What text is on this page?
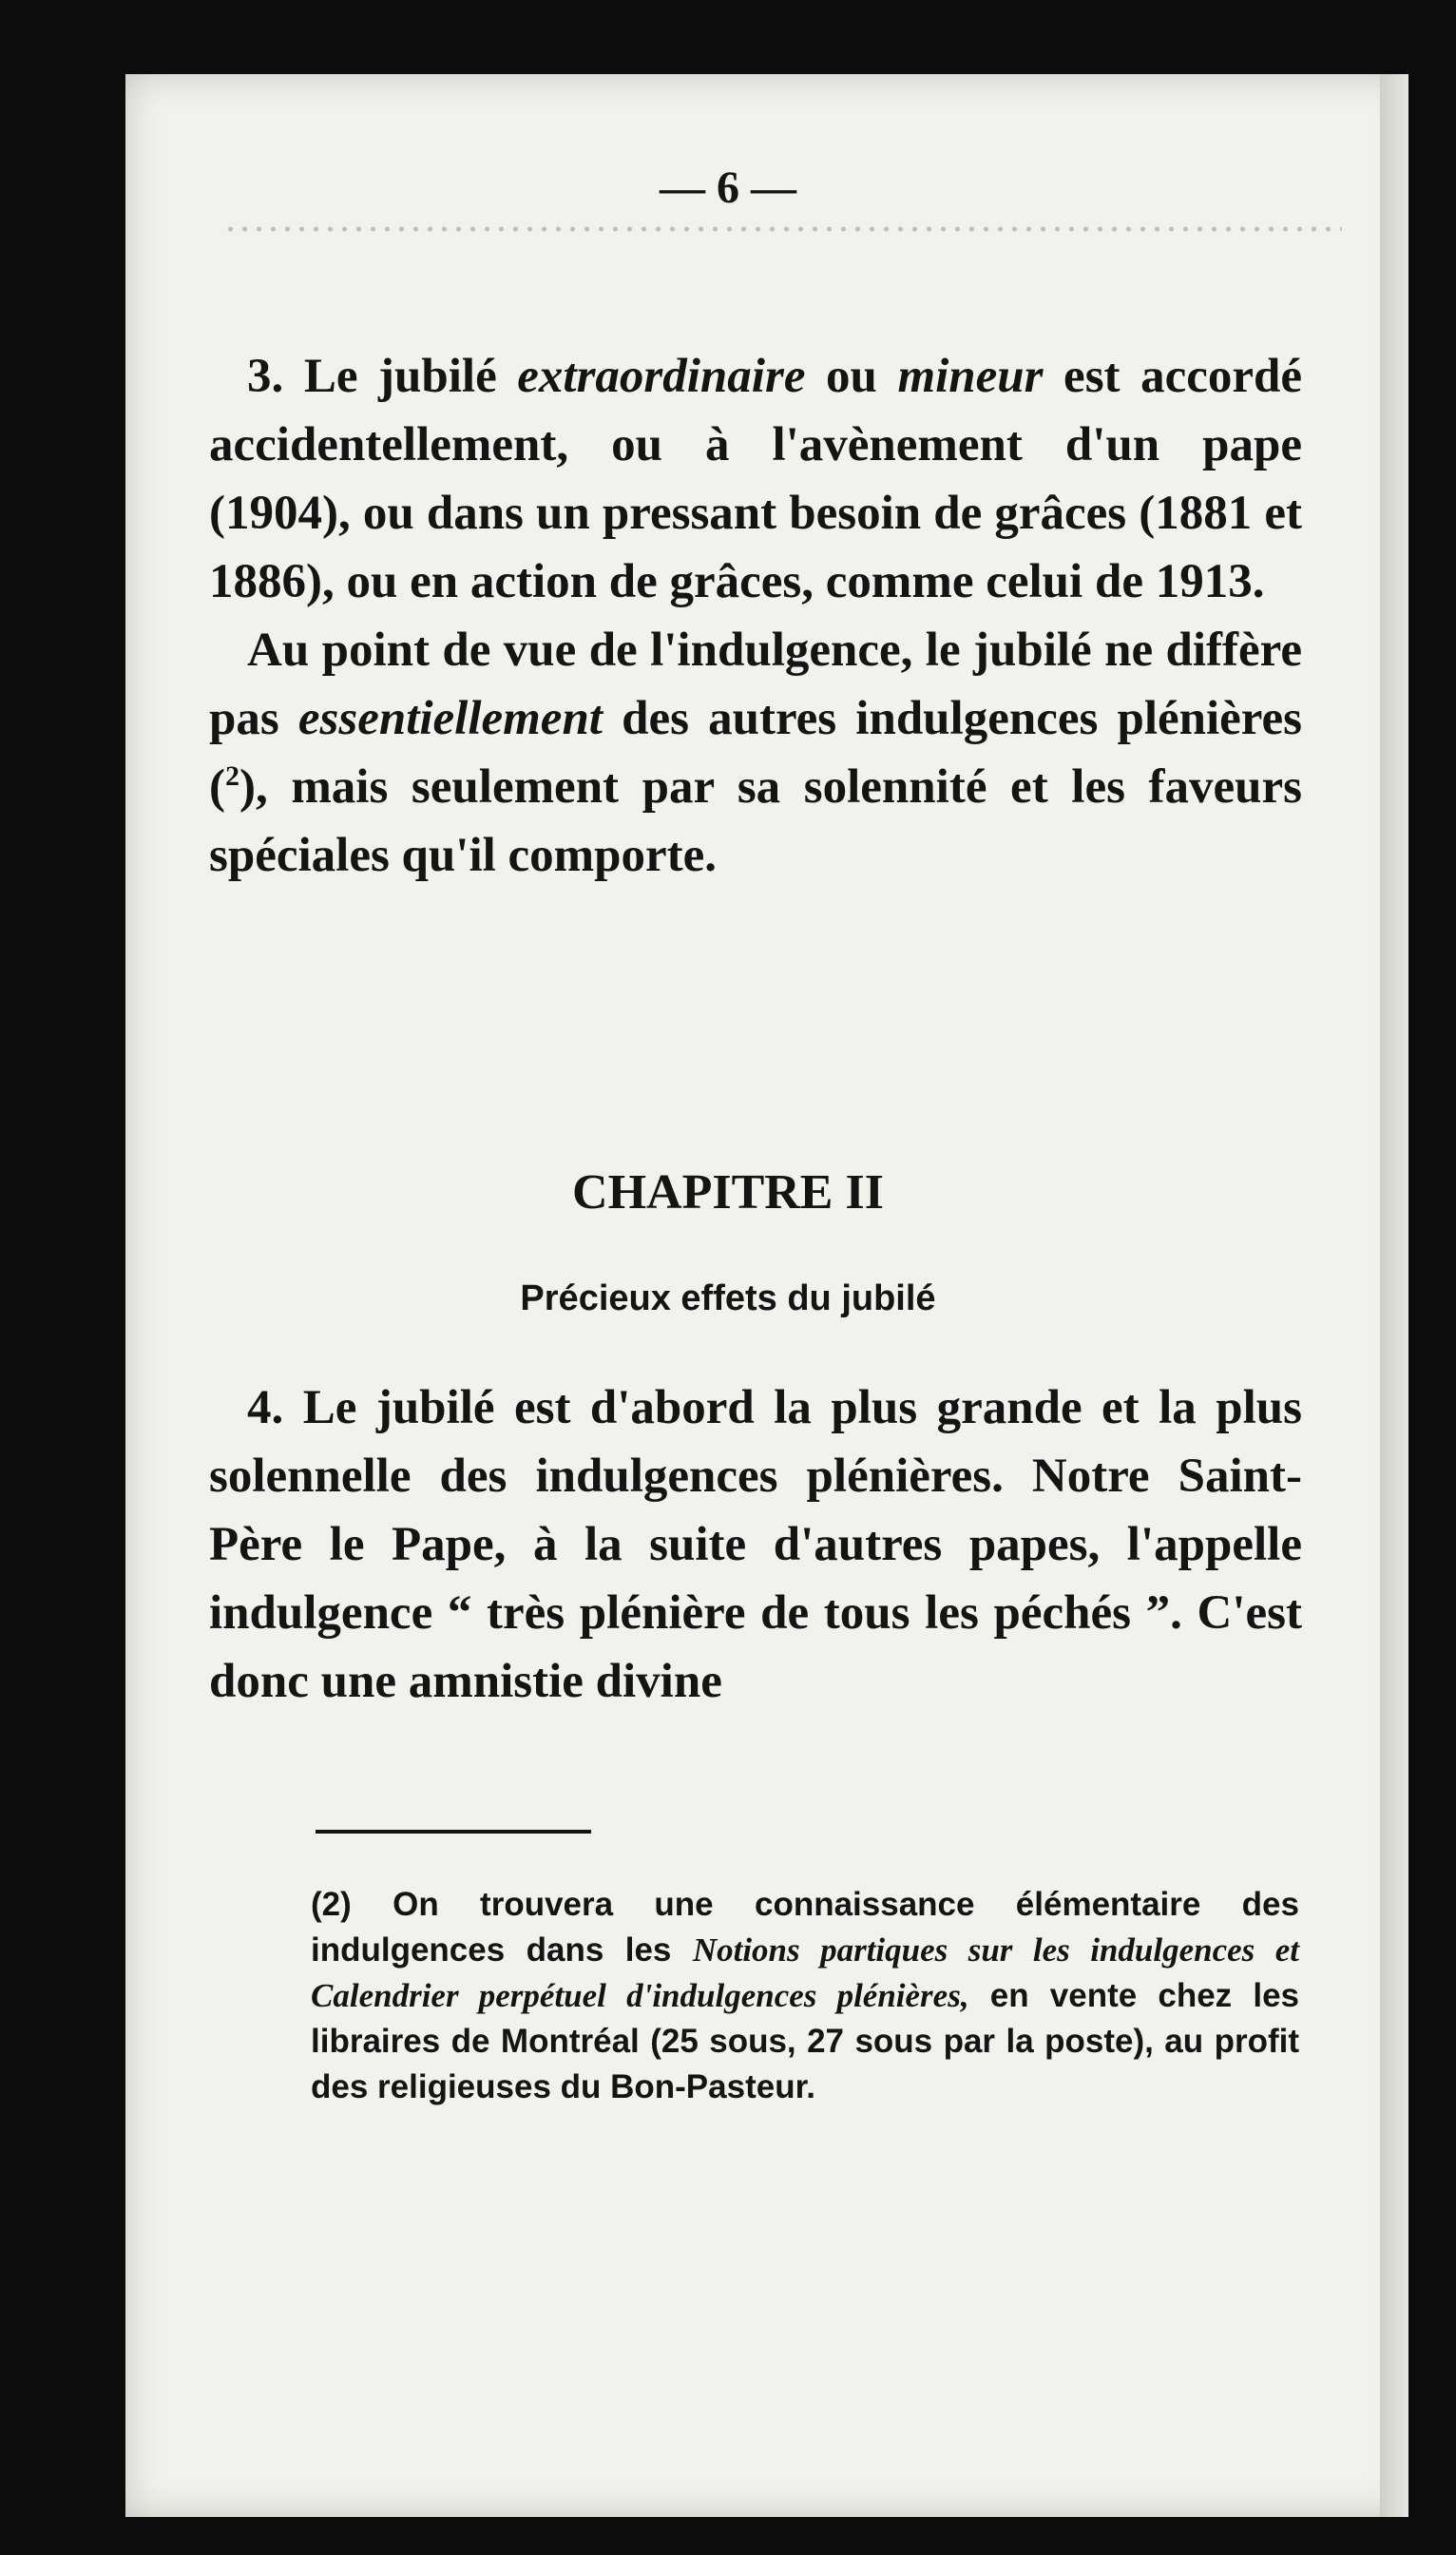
— 6 —

3. Le jubilé extraordinaire ou mineur est accordé accidentellement, ou à l'avènement d'un pape (1904), ou dans un pressant besoin de grâces (1881 et 1886), ou en action de grâces, comme celui de 1913.

Au point de vue de l'indulgence, le jubilé ne diffère pas essentiellement des autres indulgences plénières ($^2$), mais seulement par sa solennité et les faveurs spéciales qu'il comporte.

CHAPITRE II
Précieux effets du jubilé

4. Le jubilé est d'abord la plus grande et la plus solennelle des indulgences plénières. Notre Saint-Père le Pape, à la suite d'autres papes, l'appelle indulgence “ très plénière de tous les péchés ”. C'est donc une amnistie divine

(2) On trouvera une connaissance élémentaire des indulgences dans les Notions partiques sur les indulgences et Calendrier perpétuel d'indulgences plénières, en vente chez les libraires de Montréal (25 sous, 27 sous par la poste), au profit des religieuses du Bon-Pasteur.
